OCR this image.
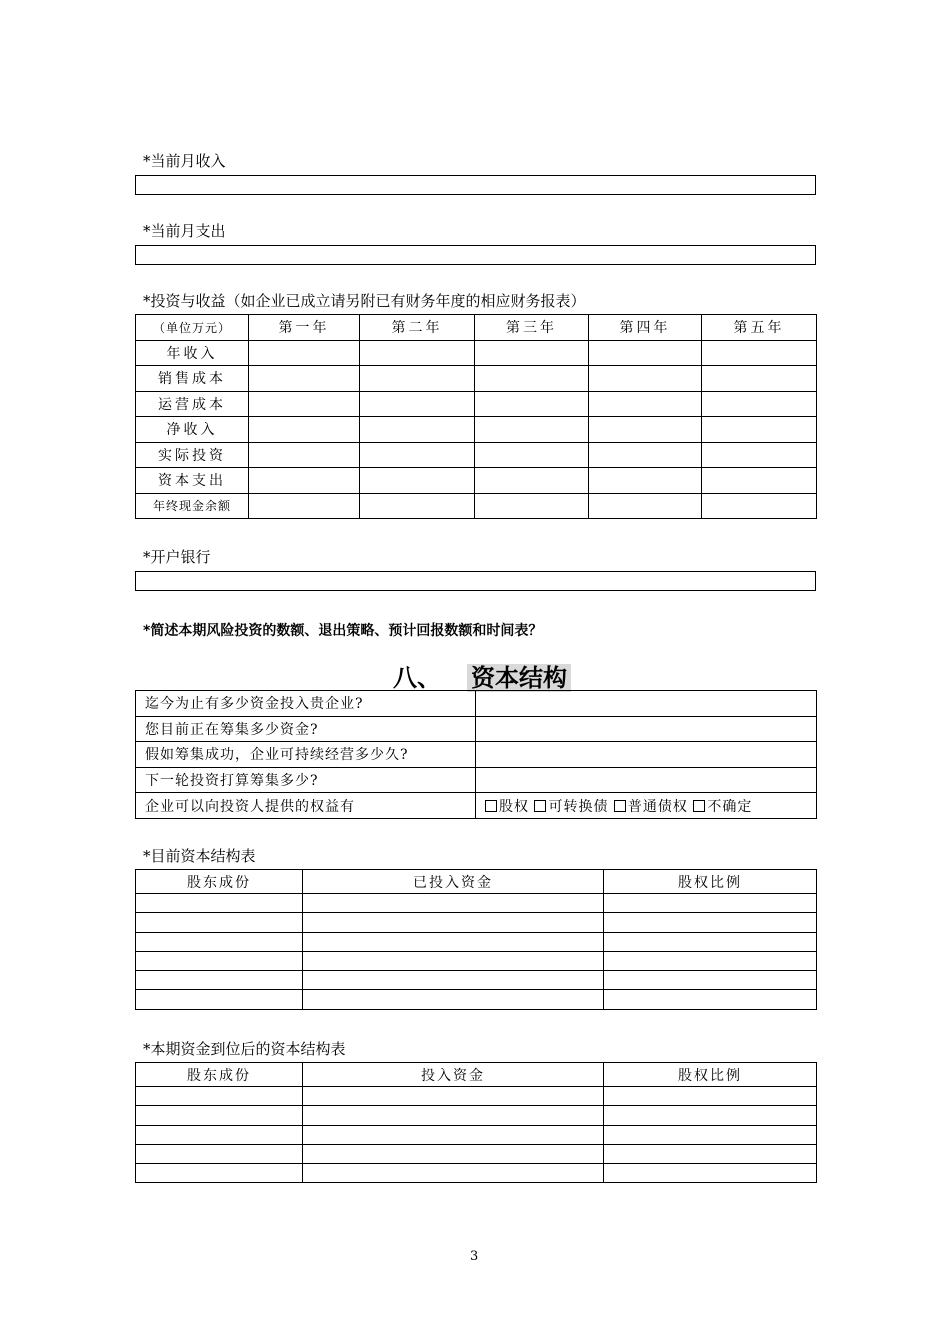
*当前月收入
*当前月支出
*投资与收益（如企业已成立请另附已有财务年度的相应财务报表）
（单位万元）	第一年	第二年	第三年	第四年	第五年
年收入					
销售成本					
运营成本					
净收入					
实际投资					
资本支出					
年终现金余额					
*开户银行
*简述本期风险投资的数额、退出策略、预计回报数额和时间表？
八、 资本结构
迄今为止有多少资金投入贵企业?	
您目前正在筹集多少资金?	
假如筹集成功，企业可持续经营多少久?	
下一轮投资打算筹集多少?	
企业可以向投资人提供的权益有	股权 可转换债 普通债权 不确定
*目前资本结构表
股东成份	已投入资金	股权比例

*本期资金到位后的资本结构表
股东成份	投入资金	股权比例

3
